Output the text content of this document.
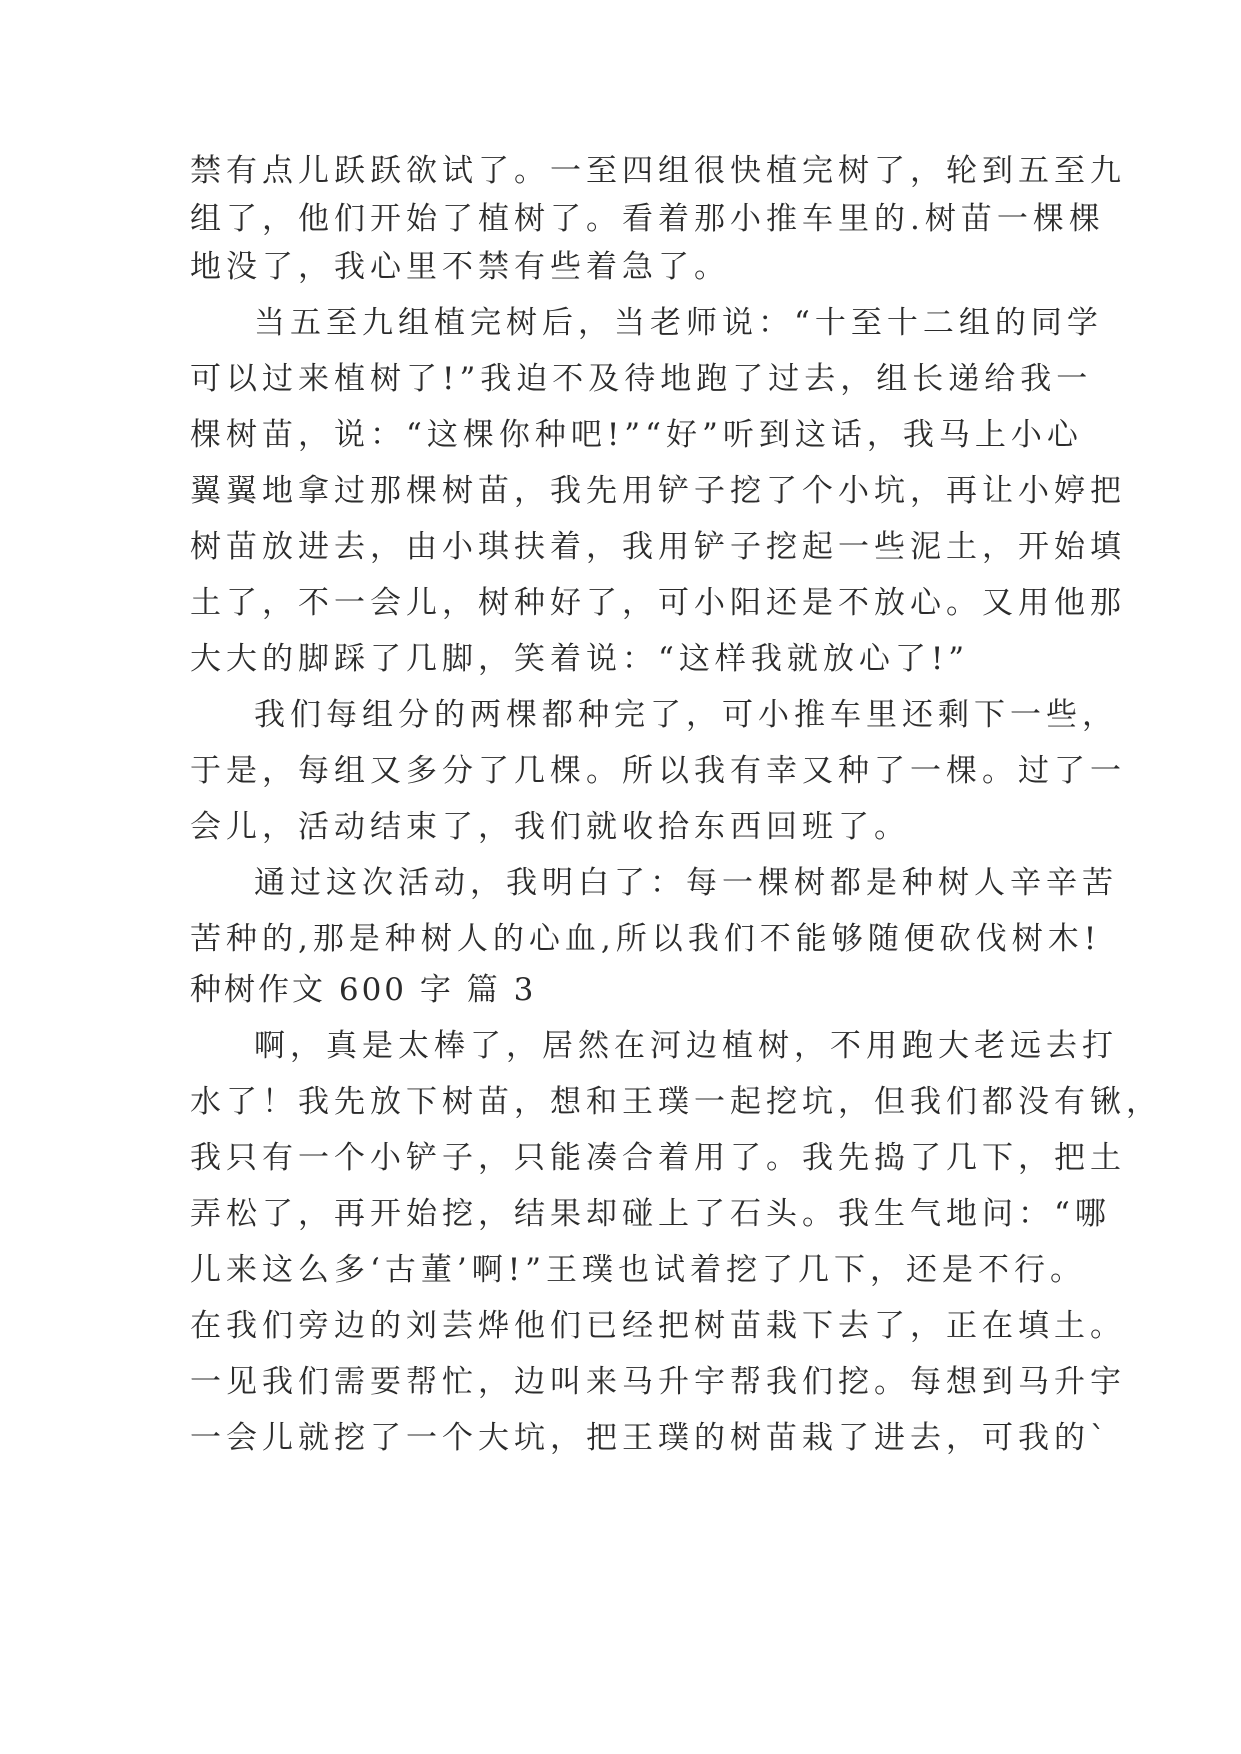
禁有点儿跃跃欲试了。一至四组很快植完树了，轮到五至九
组了，他们开始了植树了。看着那小推车里的.树苗一棵棵
地没了，我心里不禁有些着急了。
当五至九组植完树后，当老师说：“十至十二组的同学
可以过来植树了!”我迫不及待地跑了过去，组长递给我一
棵树苗，说：“这棵你种吧!”“好”听到这话，我马上小心
翼翼地拿过那棵树苗，我先用铲子挖了个小坑，再让小婷把
树苗放进去，由小琪扶着，我用铲子挖起一些泥土，开始填
土了，不一会儿，树种好了，可小阳还是不放心。又用他那
大大的脚踩了几脚，笑着说：“这样我就放心了!”
我们每组分的两棵都种完了，可小推车里还剩下一些，
于是，每组又多分了几棵。所以我有幸又种了一棵。过了一
会儿，活动结束了，我们就收拾东西回班了。
通过这次活动，我明白了：每一棵树都是种树人辛辛苦
苦种的,那是种树人的心血,所以我们不能够随便砍伐树木!
种树作文 600 字 篇 3
啊，真是太棒了，居然在河边植树，不用跑大老远去打
水了！我先放下树苗，想和王璞一起挖坑，但我们都没有锹，
我只有一个小铲子，只能凑合着用了。我先捣了几下，把土
弄松了，再开始挖，结果却碰上了石头。我生气地问：“哪
儿来这么多‘古董’啊!”王璞也试着挖了几下，还是不行。
在我们旁边的刘芸烨他们已经把树苗栽下去了，正在填土。
一见我们需要帮忙，边叫来马升宇帮我们挖。每想到马升宇
一会儿就挖了一个大坑，把王璞的树苗栽了进去，可我的`
